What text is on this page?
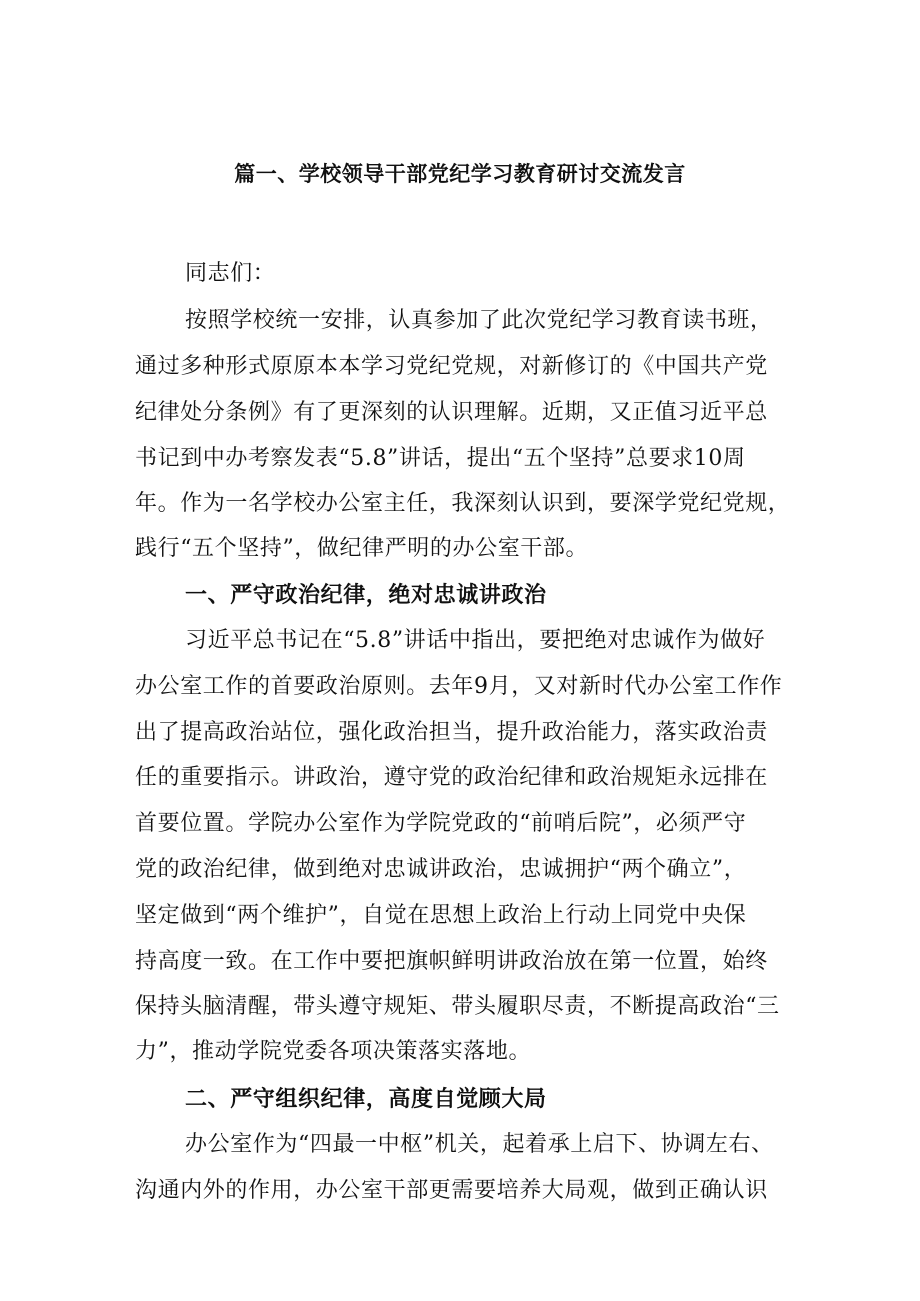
篇一、学校领导干部党纪学习教育研讨交流发言
同志们：
按照学校统一安排，认真参加了此次党纪学习教育读书班，
通过多种形式原原本本学习党纪党规，对新修订的《中国共产党
纪律处分条例》有了更深刻的认识理解。近期，又正值习近平总
书记到中办考察发表“5.8”讲话，提出“五个坚持”总要求10周
年。作为一名学校办公室主任，我深刻认识到，要深学党纪党规，
践行“五个坚持”，做纪律严明的办公室干部。
一、严守政治纪律，绝对忠诚讲政治
习近平总书记在“5.8”讲话中指出，要把绝对忠诚作为做好
办公室工作的首要政治原则。去年9月，又对新时代办公室工作作
出了提高政治站位，强化政治担当，提升政治能力，落实政治责
任的重要指示。讲政治，遵守党的政治纪律和政治规矩永远排在
首要位置。学院办公室作为学院党政的“前哨后院”，必须严守
党的政治纪律，做到绝对忠诚讲政治，忠诚拥护“两个确立”，
坚定做到“两个维护”，自觉在思想上政治上行动上同党中央保
持高度一致。在工作中要把旗帜鲜明讲政治放在第一位置，始终
保持头脑清醒，带头遵守规矩、带头履职尽责，不断提高政治“三
力”，推动学院党委各项决策落实落地。
二、严守组织纪律，高度自觉顾大局
办公室作为“四最一中枢”机关，起着承上启下、协调左右、
沟通内外的作用，办公室干部更需要培养大局观，做到正确认识
